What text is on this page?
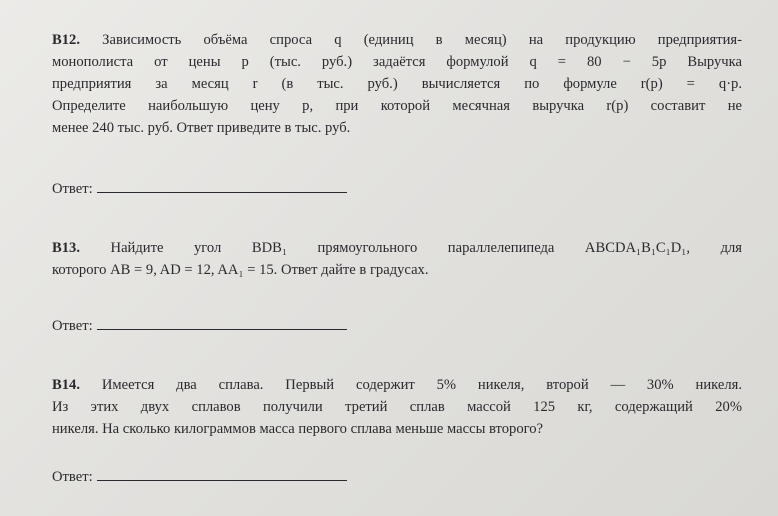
B12. Зависимость объёма спроса q (единиц в месяц) на продукцию предприятия-
монополиста от цены p (тыс. руб.) задаётся формулой q = 80 − 5p Выручка
предприятия за месяц r (в тыс. руб.) вычисляется по формуле r(p) = q·p.
Определите наибольшую цену p, при которой месячная выручка r(p) составит не
менее 240 тыс. руб. Ответ приведите в тыс. руб.
Ответ:
B13. Найдите угол BDB₁ прямоугольного параллелепипеда ABCDA₁B₁C₁D₁, для
которого AB = 9, AD = 12, AA₁ = 15. Ответ дайте в градусах.
Ответ:
B14. Имеется два сплава. Первый содержит 5% никеля, второй — 30% никеля.
Из этих двух сплавов получили третий сплав массой 125 кг, содержащий 20%
никеля. На сколько килограммов масса первого сплава меньше массы второго?
Ответ:
